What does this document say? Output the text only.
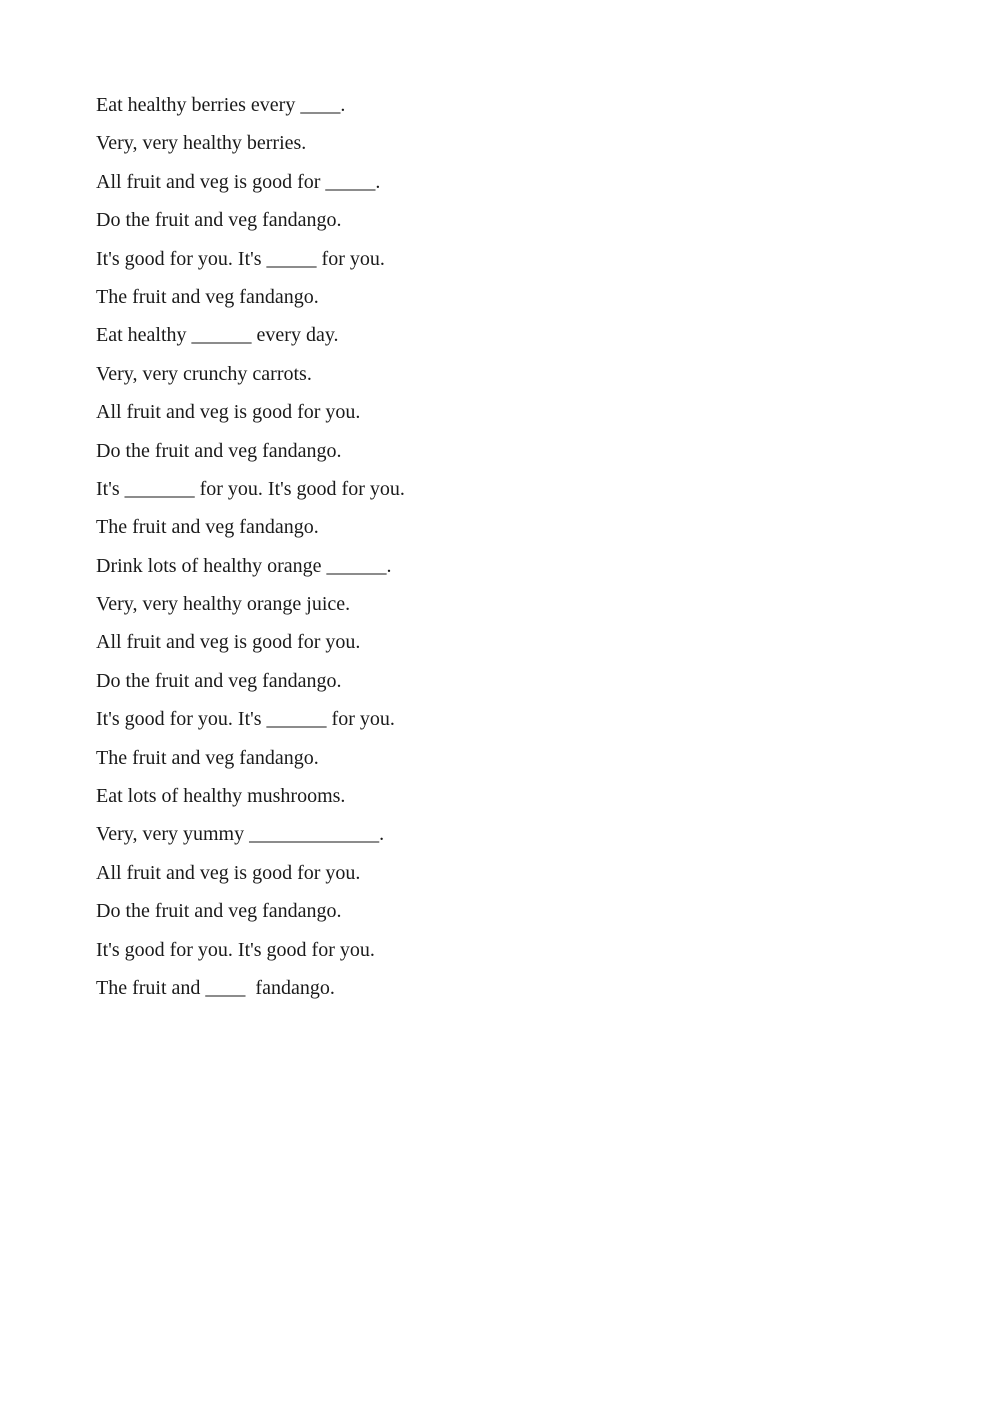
Eat healthy berries every ____.
Very, very healthy berries.
All fruit and veg is good for _____.
Do the fruit and veg fandango.
It's good for you. It's _____ for you.
The fruit and veg fandango.
Eat healthy ______ every day.
Very, very crunchy carrots.
All fruit and veg is good for you.
Do the fruit and veg fandango.
It's _______ for you. It's good for you.
The fruit and veg fandango.
Drink lots of healthy orange ______.
Very, very healthy orange juice.
All fruit and veg is good for you.
Do the fruit and veg fandango.
It's good for you. It's ______ for you.
The fruit and veg fandango.
Eat lots of healthy mushrooms.
Very, very yummy _____________.
All fruit and veg is good for you.
Do the fruit and veg fandango.
It's good for you. It's good for you.
The fruit and ____  fandango.
